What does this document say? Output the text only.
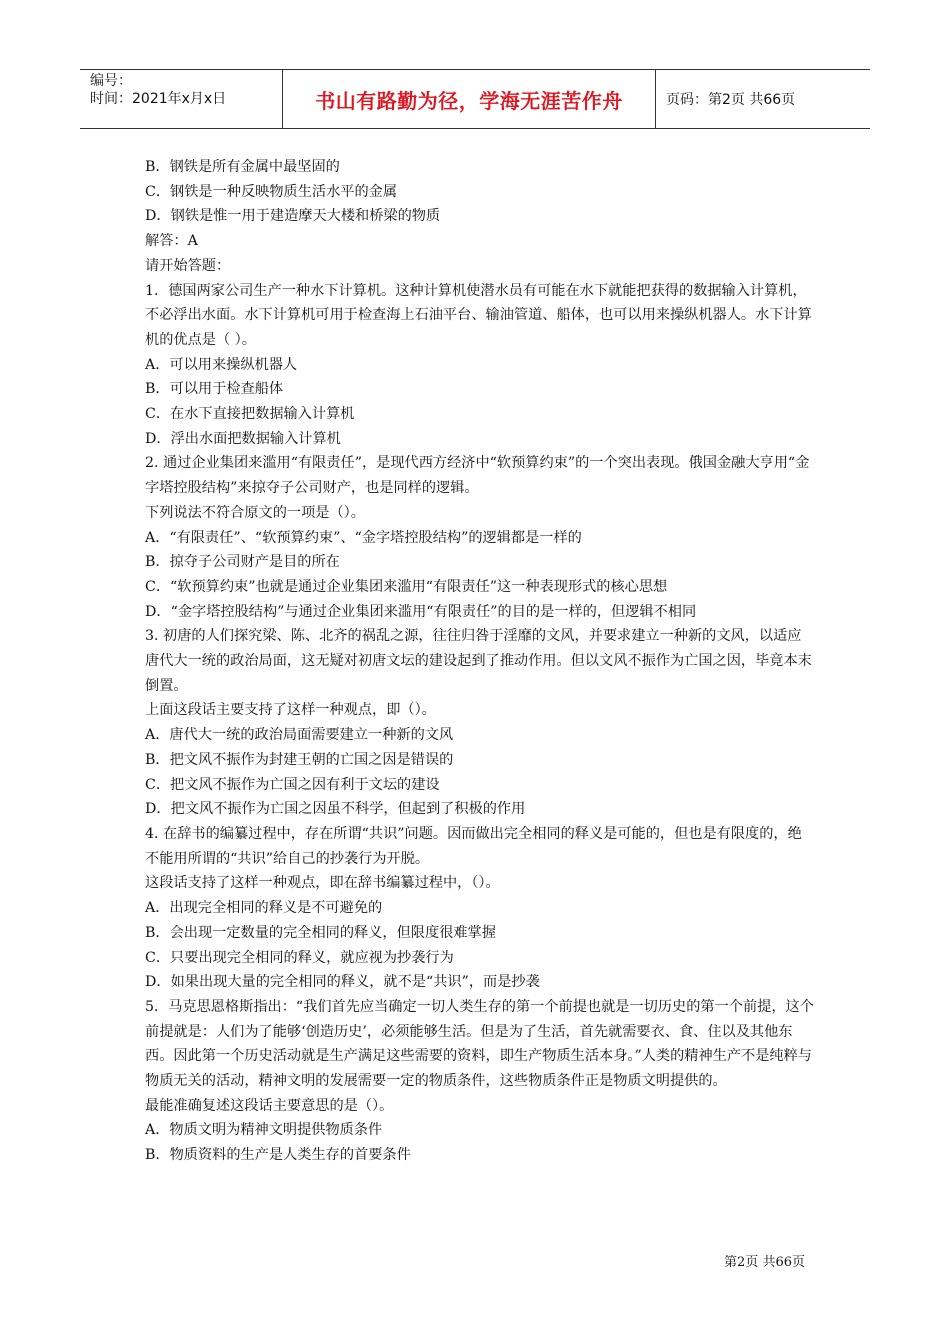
编号：
时间：2021年x月x日	书山有路勤为径，学海无涯苦作舟	页码：第2页 共66页

B．钢铁是所有金属中最坚固的

C．钢铁是一种反映物质生活水平的金属

D．钢铁是惟一用于建造摩天大楼和桥梁的物质

解答：A

请开始答题：

1．德国两家公司生产一种水下计算机。这种计算机使潜水员有可能在水下就能把获得的数据输入计算机，不必浮出水面。水下计算机可用于检查海上石油平台、输油管道、船体，也可以用来操纵机器人。水下计算机的优点是（ ）。

A．可以用来操纵机器人

B．可以用于检查船体

C．在水下直接把数据输入计算机

D．浮出水面把数据输入计算机

2. 通过企业集团来滥用“有限责任”，是现代西方经济中“软预算约束”的一个突出表现。俄国金融大亨用“金字塔控股结构”来掠夺子公司财产，也是同样的逻辑。

下列说法不符合原文的一项是（）。

A．“有限责任”、“软预算约束”、“金字塔控股结构”的逻辑都是一样的

B．掠夺子公司财产是目的所在

C．“软预算约束”也就是通过企业集团来滥用“有限责任”这一种表现形式的核心思想

D．“金字塔控股结构”与通过企业集团来滥用“有限责任”的目的是一样的，但逻辑不相同

3. 初唐的人们探究梁、陈、北齐的祸乱之源，往往归咎于淫靡的文风，并要求建立一种新的文风，以适应唐代大一统的政治局面，这无疑对初唐文坛的建设起到了推动作用。但以文风不振作为亡国之因，毕竟本末倒置。

上面这段话主要支持了这样一种观点，即（）。

A．唐代大一统的政治局面需要建立一种新的文风

B．把文风不振作为封建王朝的亡国之因是错误的

C．把文风不振作为亡国之因有利于文坛的建设

D．把文风不振作为亡国之因虽不科学，但起到了积极的作用

4. 在辞书的编纂过程中，存在所谓“共识”问题。因而做出完全相同的释义是可能的，但也是有限度的，绝不能用所谓的“共识”给自己的抄袭行为开脱。

这段话支持了这样一种观点，即在辞书编纂过程中，（）。

A．出现完全相同的释义是不可避免的

B．会出现一定数量的完全相同的释义，但限度很难掌握

C．只要出现完全相同的释义，就应视为抄袭行为

D．如果出现大量的完全相同的释义，就不是“共识”，而是抄袭

5．马克思恩格斯指出：“我们首先应当确定一切人类生存的第一个前提也就是一切历史的第一个前提，这个前提就是：人们为了能够‘创造历史’，必须能够生活。但是为了生活，首先就需要衣、食、住以及其他东西。因此第一个历史活动就是生产满足这些需要的资料，即生产物质生活本身。”人类的精神生产不是纯粹与物质无关的活动，精神文明的发展需要一定的物质条件，这些物质条件正是物质文明提供的。

最能准确复述这段话主要意思的是（）。

A．物质文明为精神文明提供物质条件

B．物质资料的生产是人类生存的首要条件

第2页 共66页
